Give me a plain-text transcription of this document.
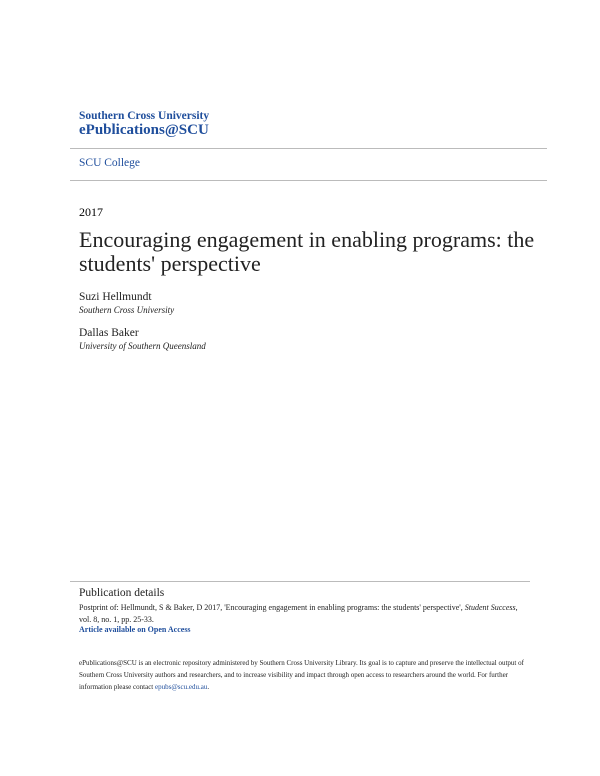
Southern Cross University
ePublications@SCU
SCU College
2017
Encouraging engagement in enabling programs: the students' perspective
Suzi Hellmundt
Southern Cross University
Dallas Baker
University of Southern Queensland
Publication details
Postprint of: Hellmundt, S & Baker, D 2017, 'Encouraging engagement in enabling programs: the students' perspective', Student Success, vol. 8, no. 1, pp. 25-33.
Article available on Open Access
ePublications@SCU is an electronic repository administered by Southern Cross University Library. Its goal is to capture and preserve the intellectual output of Southern Cross University authors and researchers, and to increase visibility and impact through open access to researchers around the world. For further information please contact epubs@scu.edu.au.
